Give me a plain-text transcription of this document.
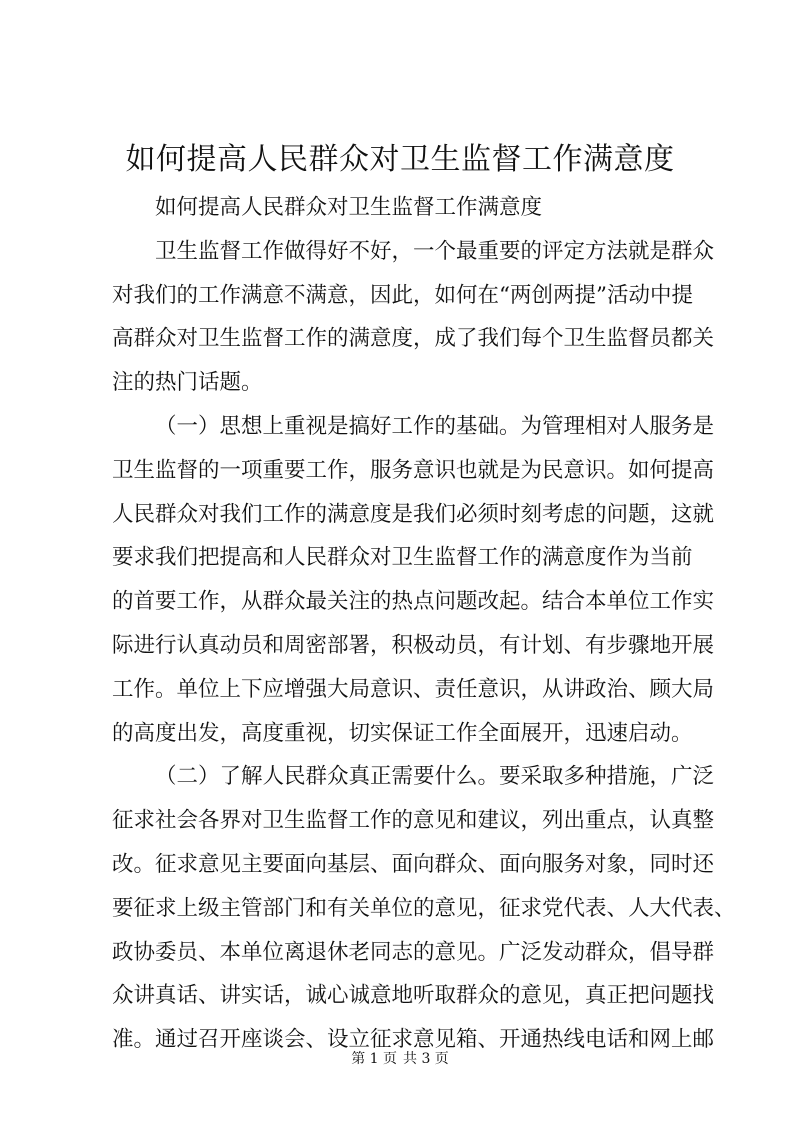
如何提高人民群众对卫生监督工作满意度

如何提高人民群众对卫生监督工作满意度

卫生监督工作做得好不好，一个最重要的评定方法就是群众
对我们的工作满意不满意，因此，如何在“两创两提”活动中提
高群众对卫生监督工作的满意度，成了我们每个卫生监督员都关
注的热门话题。
（一）思想上重视是搞好工作的基础。为管理相对人服务是
卫生监督的一项重要工作，服务意识也就是为民意识。如何提高
人民群众对我们工作的满意度是我们必须时刻考虑的问题，这就
要求我们把提高和人民群众对卫生监督工作的满意度作为当前
的首要工作，从群众最关注的热点问题改起。结合本单位工作实
际进行认真动员和周密部署，积极动员，有计划、有步骤地开展
工作。单位上下应增强大局意识、责任意识，从讲政治、顾大局
的高度出发，高度重视，切实保证工作全面展开，迅速启动。
（二）了解人民群众真正需要什么。要采取多种措施，广泛
征求社会各界对卫生监督工作的意见和建议，列出重点，认真整
改。征求意见主要面向基层、面向群众、面向服务对象，同时还
要征求上级主管部门和有关单位的意见，征求党代表、人大代表、
政协委员、本单位离退休老同志的意见。广泛发动群众，倡导群
众讲真话、讲实话，诚心诚意地听取群众的意见，真正把问题找
准。通过召开座谈会、设立征求意见箱、开通热线电话和网上邮
第 1 页 共 3 页
